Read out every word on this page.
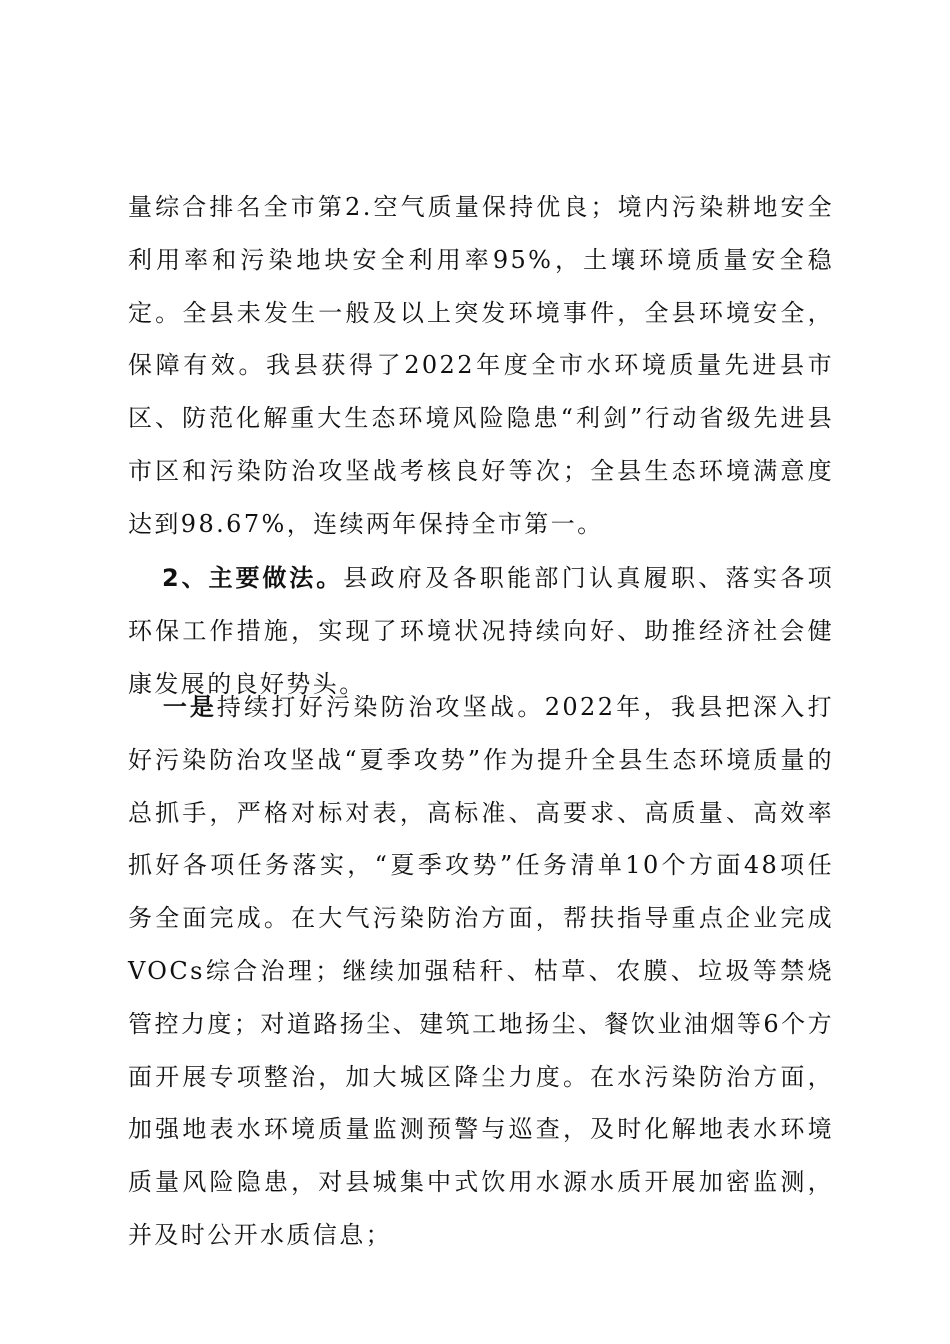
量综合排名全市第2.空气质量保持优良；境内污染耕地安全利用率和污染地块安全利用率95%，土壤环境质量安全稳定。全县未发生一般及以上突发环境事件，全县环境安全，保障有效。我县获得了2022年度全市水环境质量先进县市区、防范化解重大生态环境风险隐患“利剑”行动省级先进县市区和污染防治攻坚战考核良好等次；全县生态环境满意度达到98.67%，连续两年保持全市第一。

2、主要做法。县政府及各职能部门认真履职、落实各项环保工作措施，实现了环境状况持续向好、助推经济社会健康发展的良好势头。

一是持续打好污染防治攻坚战。2022年，我县把深入打好污染防治攻坚战“夏季攻势”作为提升全县生态环境质量的总抓手，严格对标对表，高标准、高要求、高质量、高效率抓好各项任务落实，“夏季攻势”任务清单10个方面48项任务全面完成。在大气污染防治方面，帮扶指导重点企业完成VOCs综合治理；继续加强秸秆、枯草、农膜、垃圾等禁烧管控力度；对道路扬尘、建筑工地扬尘、餐饮业油烟等6个方面开展专项整治，加大城区降尘力度。在水污染防治方面，加强地表水环境质量监测预警与巡查，及时化解地表水环境质量风险隐患，对县城集中式饮用水源水质开展加密监测，并及时公开水质信息；
